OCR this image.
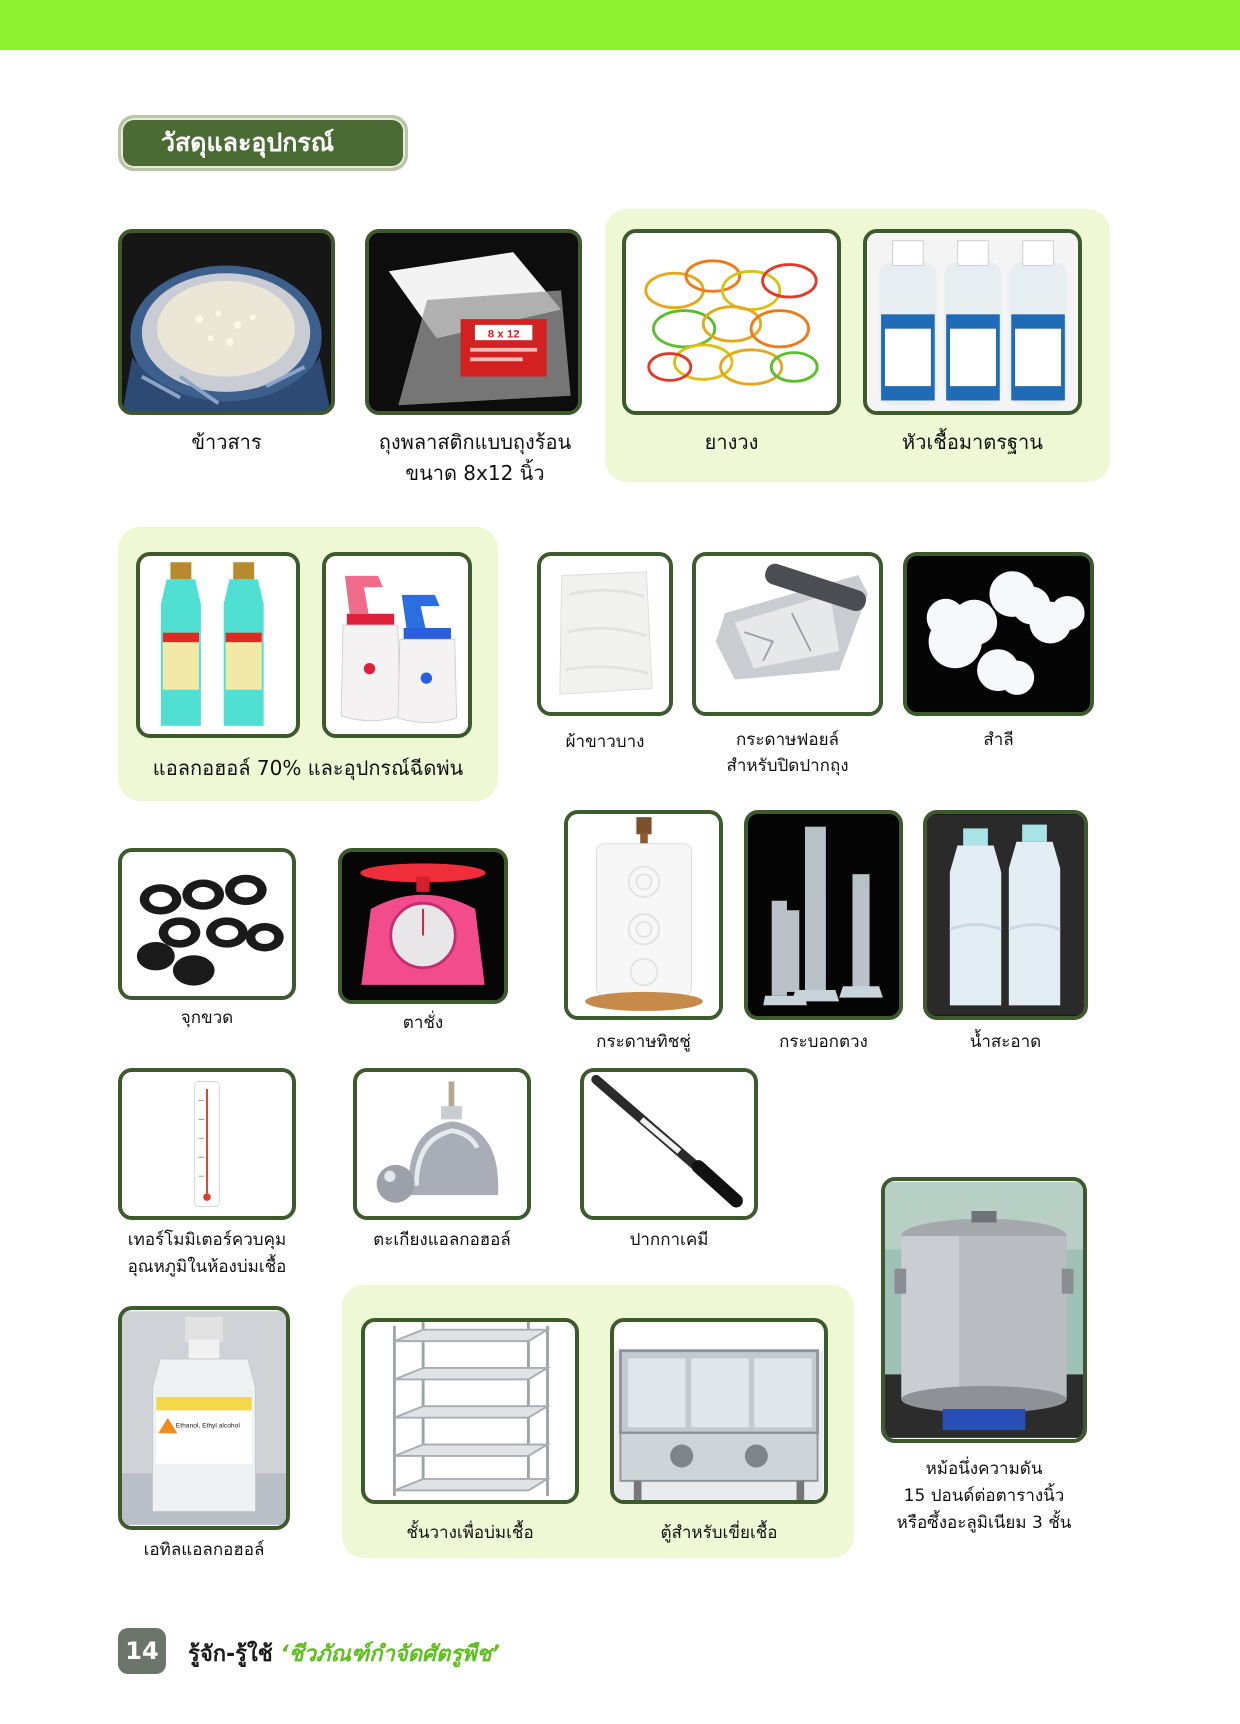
วัสดุและอุปกรณ์
ข้าวสาร
8 x 12
ถุงพลาสติกแบบถุงร้อน
ขนาด 8x12 นิ้ว
ยางวง	หัวเชื้อมาตรฐาน
แอลกอฮอล์ 70% และอุปกรณ์ฉีดพ่น
ผ้าขาวบาง	กระดาษฟอยล์
สำหรับปิดปากถุง
สำลี
จุกขวด	ตาชั่ง
กระดาษทิชชู่	กระบอกตวง	น้ำสะอาด
เทอร์โมมิเตอร์ควบคุม
อุณหภูมิในห้องบ่มเชื้อ
ตะเกียงแอลกอฮอล์	ปากกาเคมี
หม้อนึ่งความดัน
15 ปอนด์ต่อตารางนิ้ว
หรือซึ้งอะลูมิเนียม 3 ชั้น
Ethanol, Ethyl alcohol
เอทิลแอลกอฮอล์
ชั้นวางเพื่อบ่มเชื้อ	ตู้สำหรับเขี่ยเชื้อ
14	รู้จัก-รู้ใช้ ‘ชีวภัณฑ์กำจัดศัตรูพืช’
